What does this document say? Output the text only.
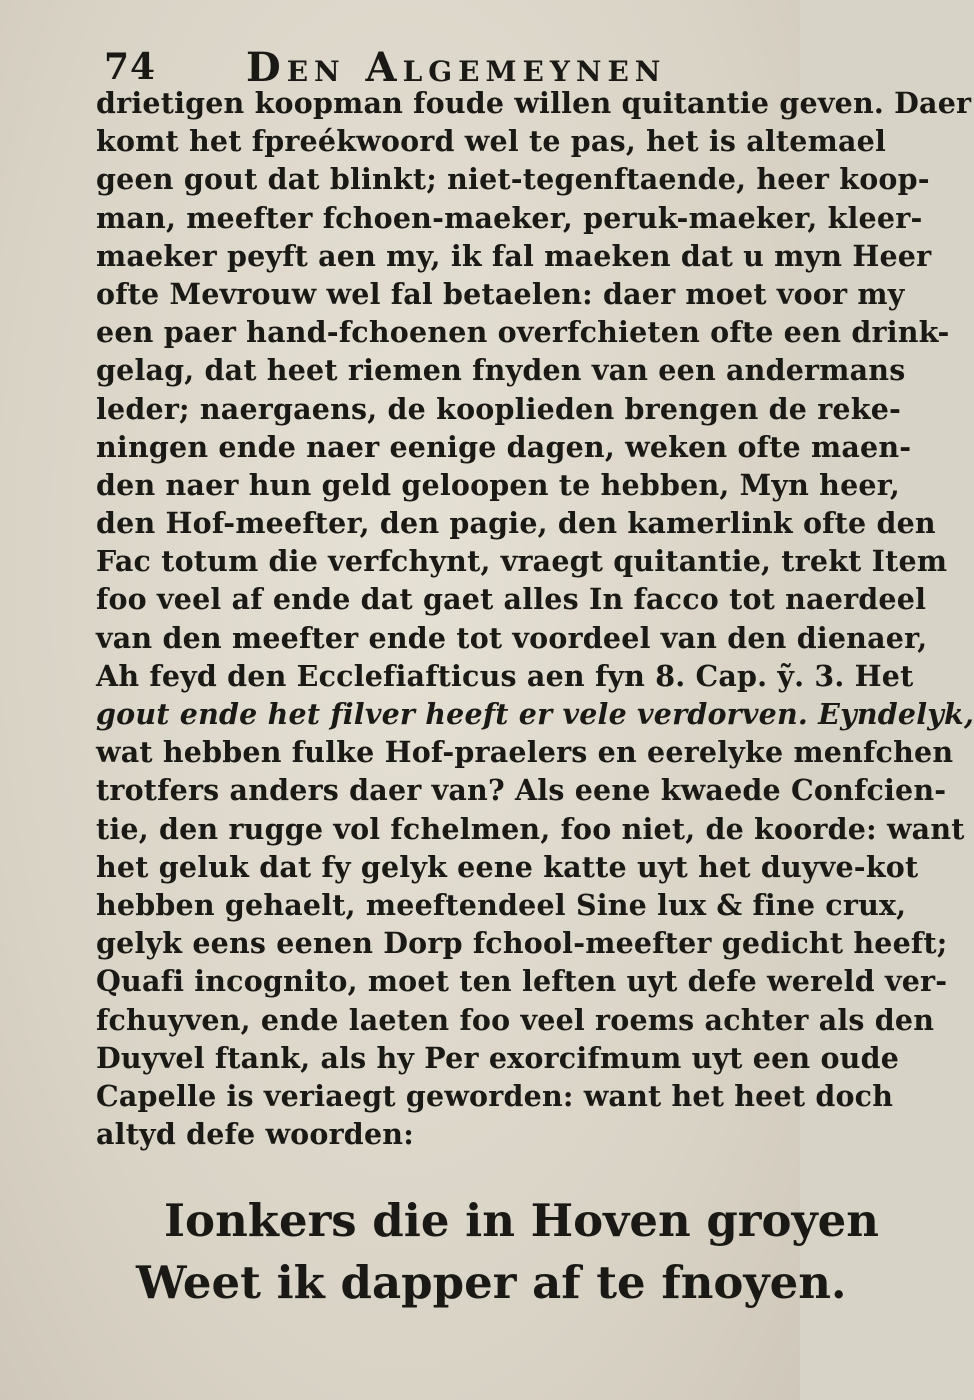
74 Den Algemeynen
drietigen koopman foude willen quitantie geven. Daer
komt het fpreékwoord wel te pas, het is altemael
geen gout dat blinkt; niet-tegenftaende, heer koop-
man, meefter fchoen-maeker, peruk-maeker, kleer-
maeker peyft aen my, ik fal maeken dat u myn Heer
ofte Mevrouw wel fal betaelen: daer moet voor my
een paer hand-fchoenen overfchieten ofte een drink-
gelag, dat heet riemen fnyden van een andermans
leder; naergaens, de kooplieden brengen de reke-
ningen ende naer eenige dagen, weken ofte maen-
den naer hun geld geloopen te hebben, Myn heer,
den Hof-meefter, den pagie, den kamerlink ofte den
Fac totum die verfchynt, vraegt quitantie, trekt Item
foo veel af ende dat gaet alles In facco tot naerdeel
van den meefter ende tot voordeel van den dienaer,
Ah feyd den Ecclefiafticus aen fyn 8. Cap. ỹ. 3. Het
gout ende het filver heeft er vele verdorven. Eyndelyk,
wat hebben fulke Hof-praelers en eerelyke menfchen
trotfers anders daer van? Als eene kwaede Confcien-
tie, den rugge vol fchelmen, foo niet, de koorde: want
het geluk dat fy gelyk eene katte uyt het duyve-kot
hebben gehaelt, meeftendeel Sine lux & fine crux,
gelyk eens eenen Dorp fchool-meefter gedicht heeft;
Quafi incognito, moet ten leften uyt defe wereld ver-
fchuyven, ende laeten foo veel roems achter als den
Duyvel ftank, als hy Per exorcifmum uyt een oude
Capelle is veriaegt geworden: want het heet doch
altyd defe woorden:
Ionkers die in Hoven groyen
Weet ik dapper af te fnoyen.
